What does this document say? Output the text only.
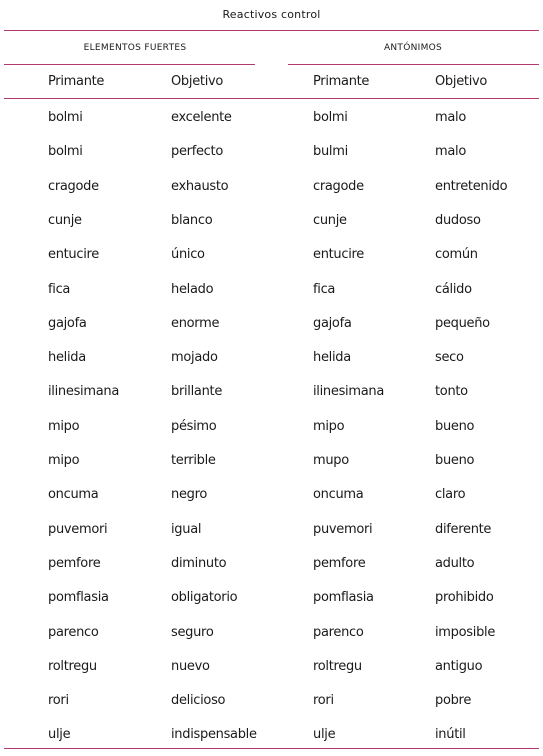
Reactivos control
ELEMENTOS FUERTES	ANTÓNIMOS
Primante	Objetivo	Primante	Objetivo
bolmi	excelente	bolmi	malo
bolmi	perfecto	bulmi	malo
cragode	exhausto	cragode	entretenido
cunje	blanco	cunje	dudoso
entucire	único	entucire	común
fica	helado	fica	cálido
gajofa	enorme	gajofa	pequeño
helida	mojado	helida	seco
ilinesimana	brillante	ilinesimana	tonto
mipo	pésimo	mipo	bueno
mipo	terrible	mupo	bueno
oncuma	negro	oncuma	claro
puvemori	igual	puvemori	diferente
pemfore	diminuto	pemfore	adulto
pomflasia	obligatorio	pomflasia	prohibido
parenco	seguro	parenco	imposible
roltregu	nuevo	roltregu	antiguo
rori	delicioso	rori	pobre
ulje	indispensable	ulje	inútil
